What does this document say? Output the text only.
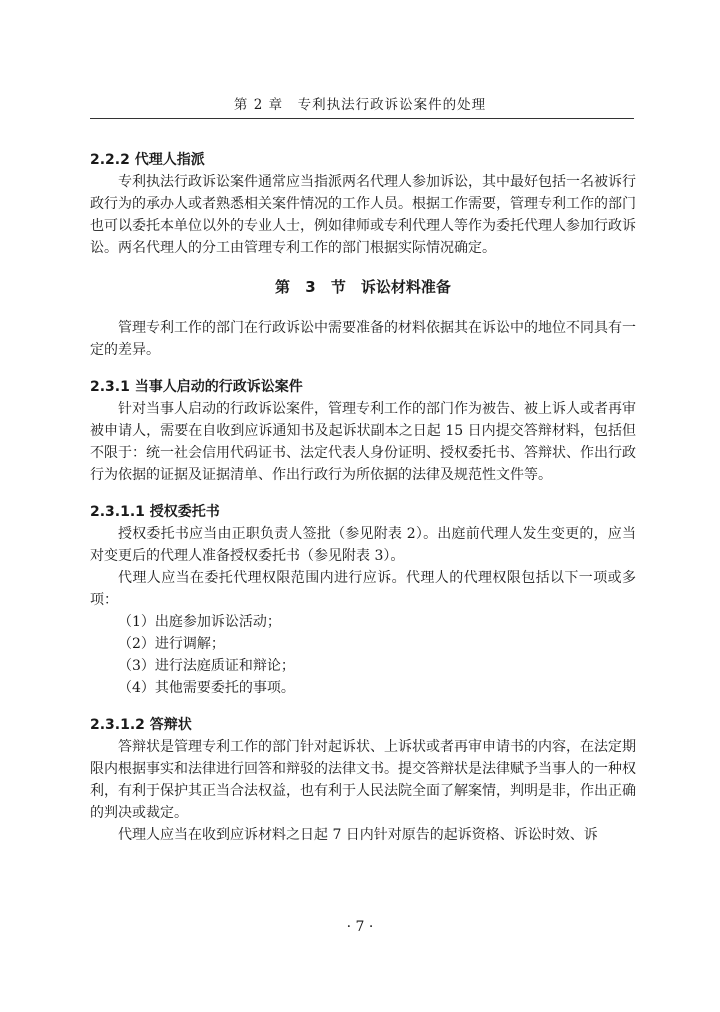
第 2 章　专利执法行政诉讼案件的处理

2.2.2 代理人指派

专利执法行政诉讼案件通常应当指派两名代理人参加诉讼，其中最好包括一名被诉行政行为的承办人或者熟悉相关案件情况的工作人员。根据工作需要，管理专利工作的部门也可以委托本单位以外的专业人士，例如律师或专利代理人等作为委托代理人参加行政诉讼。两名代理人的分工由管理专利工作的部门根据实际情况确定。

第 3 节　诉讼材料准备

管理专利工作的部门在行政诉讼中需要准备的材料依据其在诉讼中的地位不同具有一定的差异。

2.3.1 当事人启动的行政诉讼案件

针对当事人启动的行政诉讼案件，管理专利工作的部门作为被告、被上诉人或者再审被申请人，需要在自收到应诉通知书及起诉状副本之日起 15 日内提交答辩材料，包括但不限于：统一社会信用代码证书、法定代表人身份证明、授权委托书、答辩状、作出行政行为依据的证据及证据清单、作出行政行为所依据的法律及规范性文件等。

2.3.1.1 授权委托书

授权委托书应当由正职负责人签批（参见附表 2）。出庭前代理人发生变更的，应当对变更后的代理人准备授权委托书（参见附表 3）。

代理人应当在委托代理权限范围内进行应诉。代理人的代理权限包括以下一项或多项：

（1）出庭参加诉讼活动；
（2）进行调解；
（3）进行法庭质证和辩论；
（4）其他需要委托的事项。

2.3.1.2 答辩状

答辩状是管理专利工作的部门针对起诉状、上诉状或者再审申请书的内容，在法定期限内根据事实和法律进行回答和辩驳的法律文书。提交答辩状是法律赋予当事人的一种权利，有利于保护其正当合法权益，也有利于人民法院全面了解案情，判明是非，作出正确的判决或裁定。

代理人应当在收到应诉材料之日起 7 日内针对原告的起诉资格、诉讼时效、诉

· 7 ·
